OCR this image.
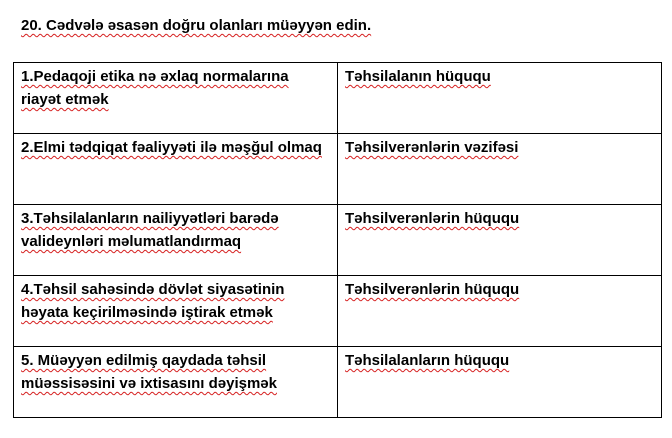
20. Cədvələ əsasən doğru olanları müəyyən edin.
1.Pedaqoji etika nə əxlaq normalarına riayət etmək	Təhsilalanın hüququ
2.Elmi tədqiqat fəaliyyəti ilə məşğul olmaq	Təhsilverənlərin vəzifəsi
3.Təhsilalanların nailiyyətləri barədə valideynləri məlumatlandırmaq	Təhsilverənlərin hüququ
4.Təhsil sahəsində dövlət siyasətinin həyata keçirilməsində iştirak etmək	Təhsilverənlərin hüququ
5. Müəyyən edilmiş qaydada təhsil müəssisəsini və ixtisasını dəyişmək	Təhsilalanların hüququ
